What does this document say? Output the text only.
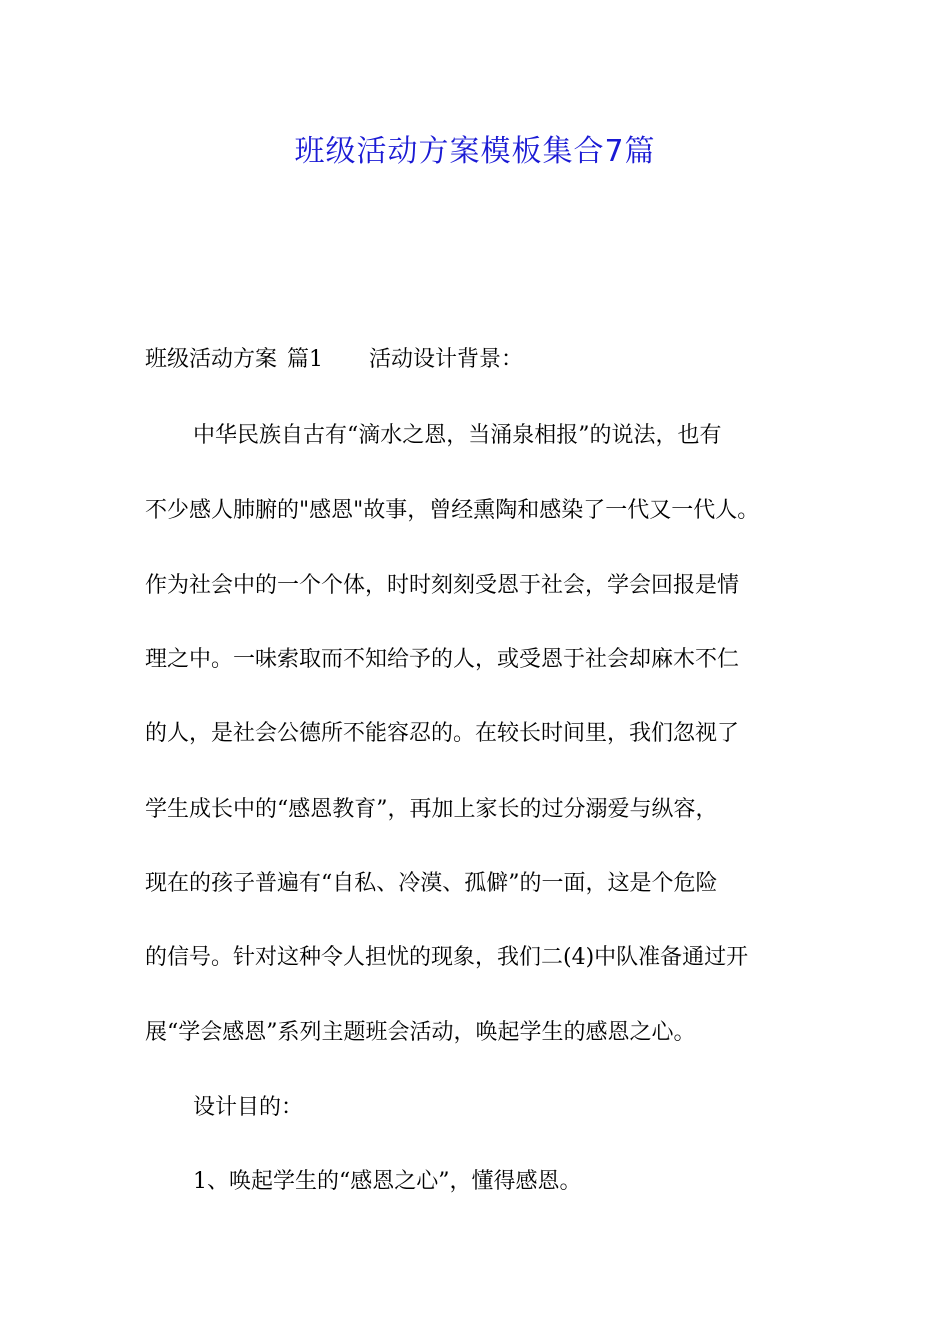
班级活动方案模板集合7篇
班级活动方案 篇1 活动设计背景：
中华民族自古有“滴水之恩，当涌泉相报”的说法，也有
不少感人肺腑的"感恩"故事，曾经熏陶和感染了一代又一代人。
作为社会中的一个个体，时时刻刻受恩于社会，学会回报是情
理之中。一味索取而不知给予的人，或受恩于社会却麻木不仁
的人，是社会公德所不能容忍的。在较长时间里，我们忽视了
学生成长中的“感恩教育”，再加上家长的过分溺爱与纵容，
现在的孩子普遍有“自私、冷漠、孤僻”的一面，这是个危险
的信号。针对这种令人担忧的现象，我们二(4)中队准备通过开
展“学会感恩”系列主题班会活动，唤起学生的感恩之心。
设计目的：
1、唤起学生的“感恩之心”，懂得感恩。
